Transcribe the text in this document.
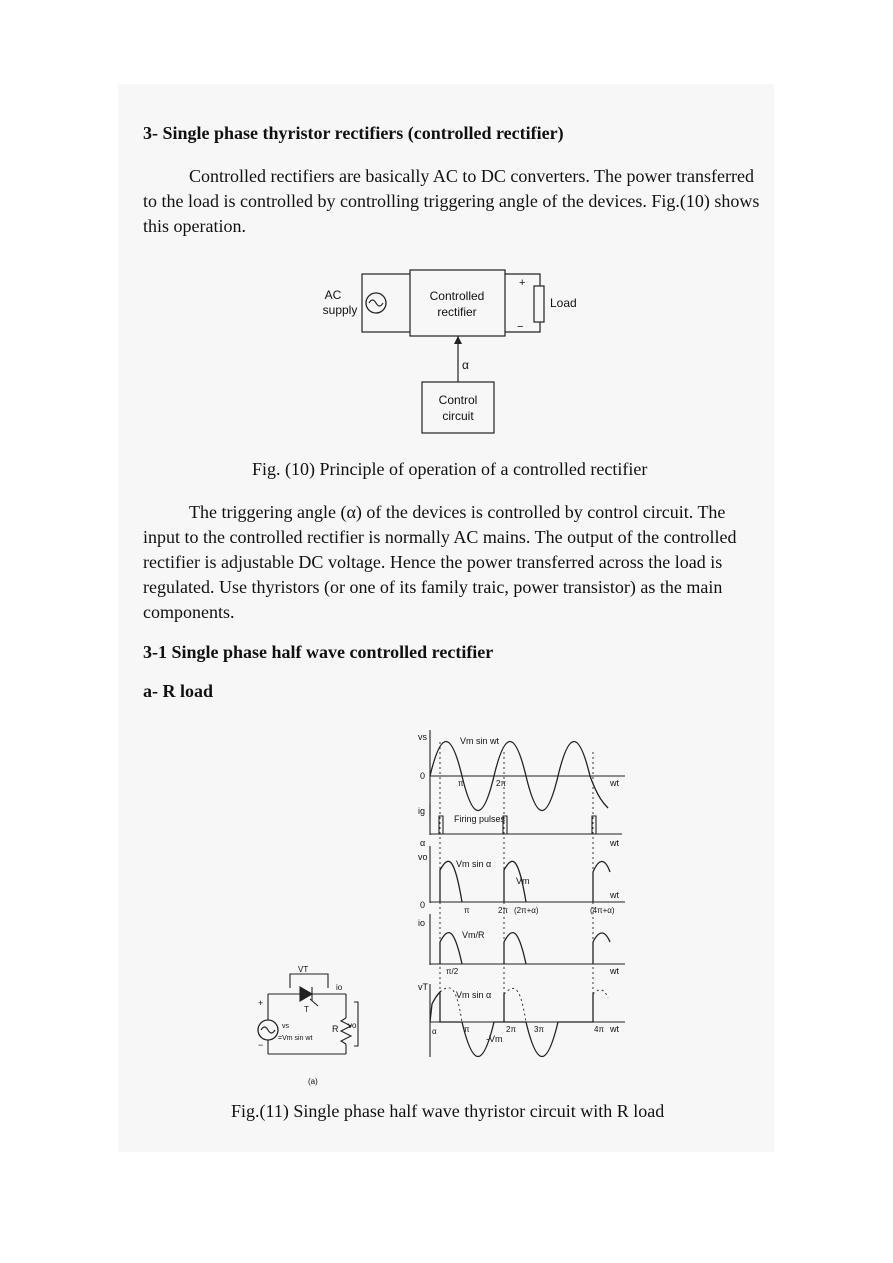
3- Single phase thyristor rectifiers (controlled rectifier)
Controlled rectifiers are basically AC to DC converters. The power transferred
to the load is controlled by controlling triggering angle of the devices. Fig.(10) shows
this operation.
AC
supply
Controlled
rectifier
+
−
Load
α
Control
circuit
Fig. (10) Principle of operation of a controlled rectifier
The triggering angle (α) of the devices is controlled by control circuit. The
input to the controlled rectifier is normally AC mains. The output of the controlled
rectifier is adjustable DC voltage. Hence the power transferred across the load is
regulated. Use thyristors (or one of its family traic, power transistor) as the main
components.
3-1 Single phase half wave controlled rectifier
a- R load
vs	Vm sin wt
0
π	2π	wt
ig
Firing pulses
wt
α
vo
Vm sin α
Vm
0
π	2π (2π+α)
wt
(4π+α)
io
Vm/R
π/2	wt
vT
Vm sin α
α	π
-Vm
2π 3π	4π wt
VT
T
io
R
vs
=Vm sin wt
vo
+
−
(a)
Fig.(11) Single phase half wave thyristor circuit with R load
